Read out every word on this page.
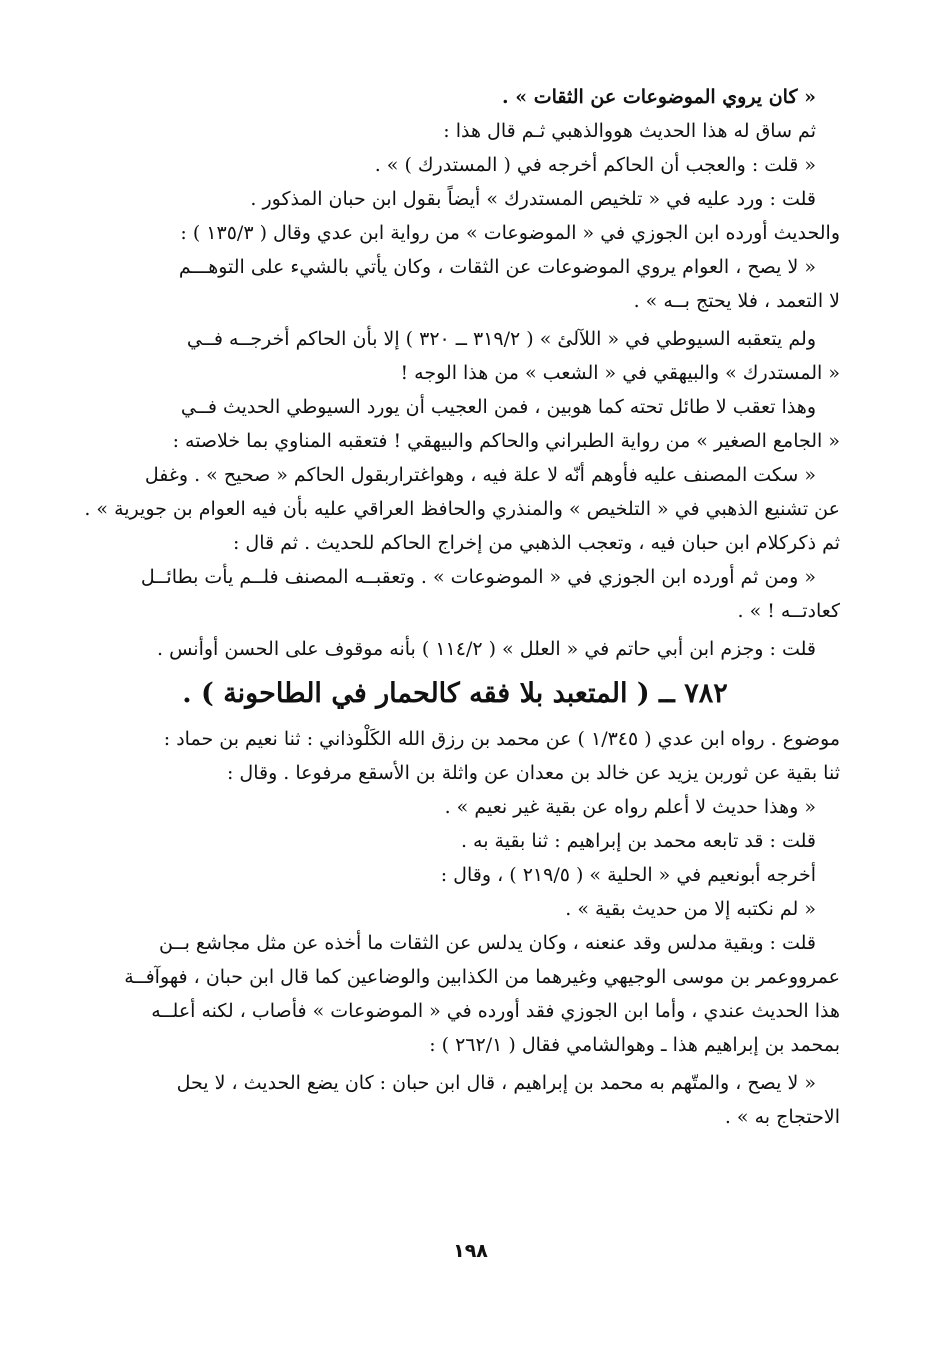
« كان يروي الموضوعات عن الثقات » .

ثم ساق له هذا الحديث هووالذهبي ثـم قال هذا :

« قلت : والعجب أن الحاكم أخرجه في ( المستدرك ) » .

قلت : ورد عليه في « تلخيص المستدرك » أيضاً بقول ابن حبان المذكور .

والحديث أورده ابن الجوزي في « الموضوعات » من رواية ابن عدي وقال ( ١٣٥/٣ ) :

« لا يصح ، العوام يروي الموضوعات عن الثقات ، وكان يأتي بالشيء على التوهـــم

لا التعمد ، فلا يحتج بــه » .

ولم يتعقبه السيوطي في « اللآلئ » ( ٣١٩/٢ ــ ٣٢٠ ) إلا بأن الحاكم أخرجــه فــي

« المستدرك » والبيهقي في « الشعب » من هذا الوجه !

وهذا تعقب لا طائل تحته كما هوبين ، فمن العجيب أن يورد السيوطي الحديث فــي

« الجامع الصغير » من رواية الطبراني والحاكم والبيهقي ! فتعقبه المناوي بما خلاصته :

« سكت المصنف عليه فأوهم أنّه لا علة فيه ، وهواغتراربقول الحاكم « صحيح » . وغفل

عن تشنيع الذهبي في « التلخيص » والمنذري والحافظ العراقي عليه بأن فيه العوام بن جويرية » .

ثم ذكركلام ابن حبان فيه ، وتعجب الذهبي من إخراج الحاكم للحديث . ثم قال :

« ومن ثم أورده ابن الجوزي في « الموضوعات » . وتعقبــه المصنف فلــم يأت بطائــل

كعادتــه ! » .

قلت : وجزم ابن أبي حاتم في « العلل » ( ١١٤/٢ ) بأنه موقوف على الحسن أوأنس .

٧٨٢ ــ ( المتعبد بلا فقه كالحمار في الطاحونة ) .

موضوع . رواه ابن عدي ( ١/٣٤٥ ) عن محمد بن رزق الله الكَلْوذاني : ثنا نعيم بن حماد :

ثنا بقية عن ثوربن يزيد عن خالد بن معدان عن واثلة بن الأسقع مرفوعا . وقال :

« وهذا حديث لا أعلم رواه عن بقية غير نعيم » .

قلت : قد تابعه محمد بن إبراهيم : ثنا بقية به .

أخرجه أبونعيم في « الحلية » ( ٢١٩/٥ ) ، وقال :

« لم نكتبه إلا من حديث بقية » .

قلت : وبقية مدلس وقد عنعنه ، وكان يدلس عن الثقات ما أخذه عن مثل مجاشع بــن

عمرووعمر بن موسى الوجيهي وغيرهما من الكذابين والوضاعين كما قال ابن حبان ، فهوآفــة

هذا الحديث عندي ، وأما ابن الجوزي فقد أورده في « الموضوعات » فأصاب ، لكنه أعلــه

بمحمد بن إبراهيم هذا ـ وهوالشامي فقال ( ٢٦٢/١ ) :

« لا يصح ، والمتّهم به محمد بن إبراهيم ، قال ابن حبان : كان يضع الحديث ، لا يحل

الاحتجاج به » .

١٩٨
